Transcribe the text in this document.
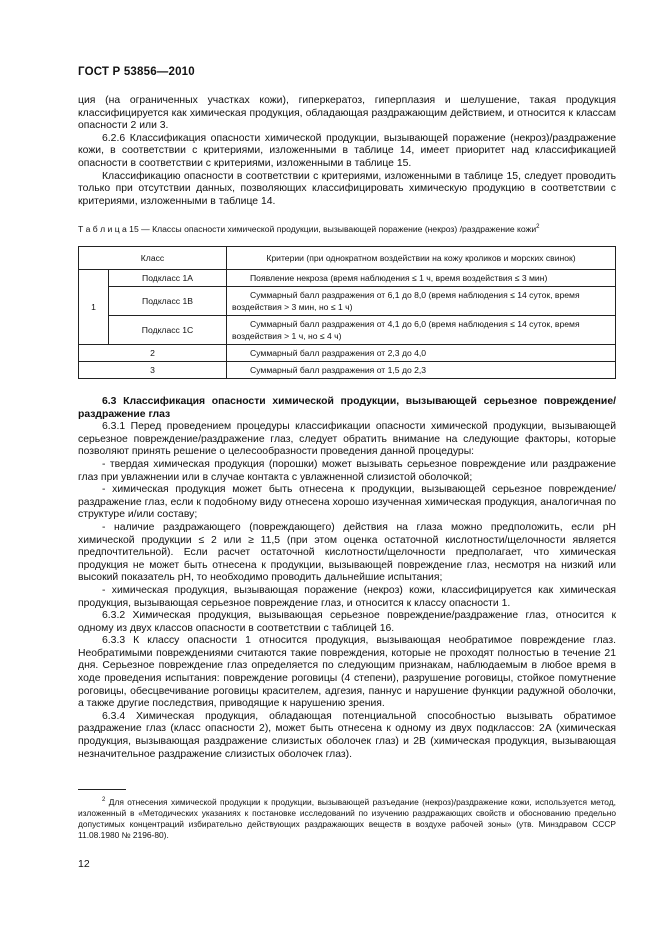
ГОСТ Р 53856—2010

ция (на ограниченных участках кожи), гиперкератоз, гиперплазия и шелушение, такая продукция классифицируется как химическая продукция, обладающая раздражающим действием, и относится к классам опасности 2 или 3.

6.2.6 Классификация опасности химической продукции, вызывающей поражение (некроз)/раздражение кожи, в соответствии с критериями, изложенными в таблице 14, имеет приоритет над классификацией опасности в соответствии с критериями, изложенными в таблице 15.

Классификацию опасности в соответствии с критериями, изложенными в таблице 15, следует проводить только при отсутствии данных, позволяющих классифицировать химическую продукцию в соответствии с критериями, изложенными в таблице 14.

Т а б л и ц а 15 — Классы опасности химической продукции, вызывающей поражение (некроз) /раздражение кожи$^2$
Класс		Критерии (при однократном воздействии на кожу кроликов и морских свинок)
1	Подкласс 1А	Появление некроза (время наблюдения ≤ 1 ч, время воздействия ≤ 3 мин)
	Подкласс 1В	Суммарный балл раздражения от 6,1 до 8,0 (время наблюдения ≤ 14 суток, время воздействия > 3 мин, но ≤ 1 ч)
	Подкласс 1С	Суммарный балл раздражения от 4,1 до 6,0 (время наблюдения ≤ 14 суток, время воздействия > 1 ч, но ≤ 4 ч)
2		Суммарный балл раздражения от 2,3 до 4,0
3		Суммарный балл раздражения от 1,5 до 2,3

6.3 Классификация опасности химической продукции, вызывающей серьезное повреждение/раздражение глаз

6.3.1 Перед проведением процедуры классификации опасности химической продукции, вызывающей серьезное повреждение/раздражение глаз, следует обратить внимание на следующие факторы, которые позволяют принять решение о целесообразности проведения данной процедуры:

- твердая химическая продукция (порошки) может вызывать серьезное повреждение или раздражение глаз при увлажнении или в случае контакта с увлажненной слизистой оболочкой;

- химическая продукция может быть отнесена к продукции, вызывающей серьезное повреждение/раздражение глаз, если к подобному виду отнесена хорошо изученная химическая продукция, аналогичная по структуре и/или составу;

- наличие раздражающего (повреждающего) действия на глаза можно предположить, если рН химической продукции ≤ 2 или ≥ 11,5 (при этом оценка остаточной кислотности/щелочности является предпочтительной). Если расчет остаточной кислотности/щелочности предполагает, что химическая продукция не может быть отнесена к продукции, вызывающей повреждение глаз, несмотря на низкий или высокий показатель рН, то необходимо проводить дальнейшие испытания;

- химическая продукция, вызывающая поражение (некроз) кожи, классифицируется как химическая продукция, вызывающая серьезное повреждение глаз, и относится к классу опасности 1.

6.3.2 Химическая продукция, вызывающая серьезное повреждение/раздражение глаз, относится к одному из двух классов опасности в соответствии с таблицей 16.

6.3.3 К классу опасности 1 относится продукция, вызывающая необратимое повреждение глаз. Необратимыми повреждениями считаются такие повреждения, которые не проходят полностью в течение 21 дня. Серьезное повреждение глаз определяется по следующим признакам, наблюдаемым в любое время в ходе проведения испытания: повреждение роговицы (4 степени), разрушение роговицы, стойкое помутнение роговицы, обесцвечивание роговицы красителем, адгезия, паннус и нарушение функции радужной оболочки, а также другие последствия, приводящие к нарушению зрения.

6.3.4 Химическая продукция, обладающая потенциальной способностью вызывать обратимое раздражение глаз (класс опасности 2), может быть отнесена к одному из двух подклассов: 2А (химическая продукция, вызывающая раздражение слизистых оболочек глаз) и 2В (химическая продукция, вызывающая незначительное раздражение слизистых оболочек глаз).

$^2$ Для отнесения химической продукции к продукции, вызывающей разъедание (некроз)/раздражение кожи, используется метод, изложенный в «Методических указаниях к постановке исследований по изучению раздражающих свойств и обоснованию предельно допустимых концентраций избирательно действующих раздражающих веществ в воздухе рабочей зоны» (утв. Минздравом СССР 11.08.1980 № 2196-80).

12
